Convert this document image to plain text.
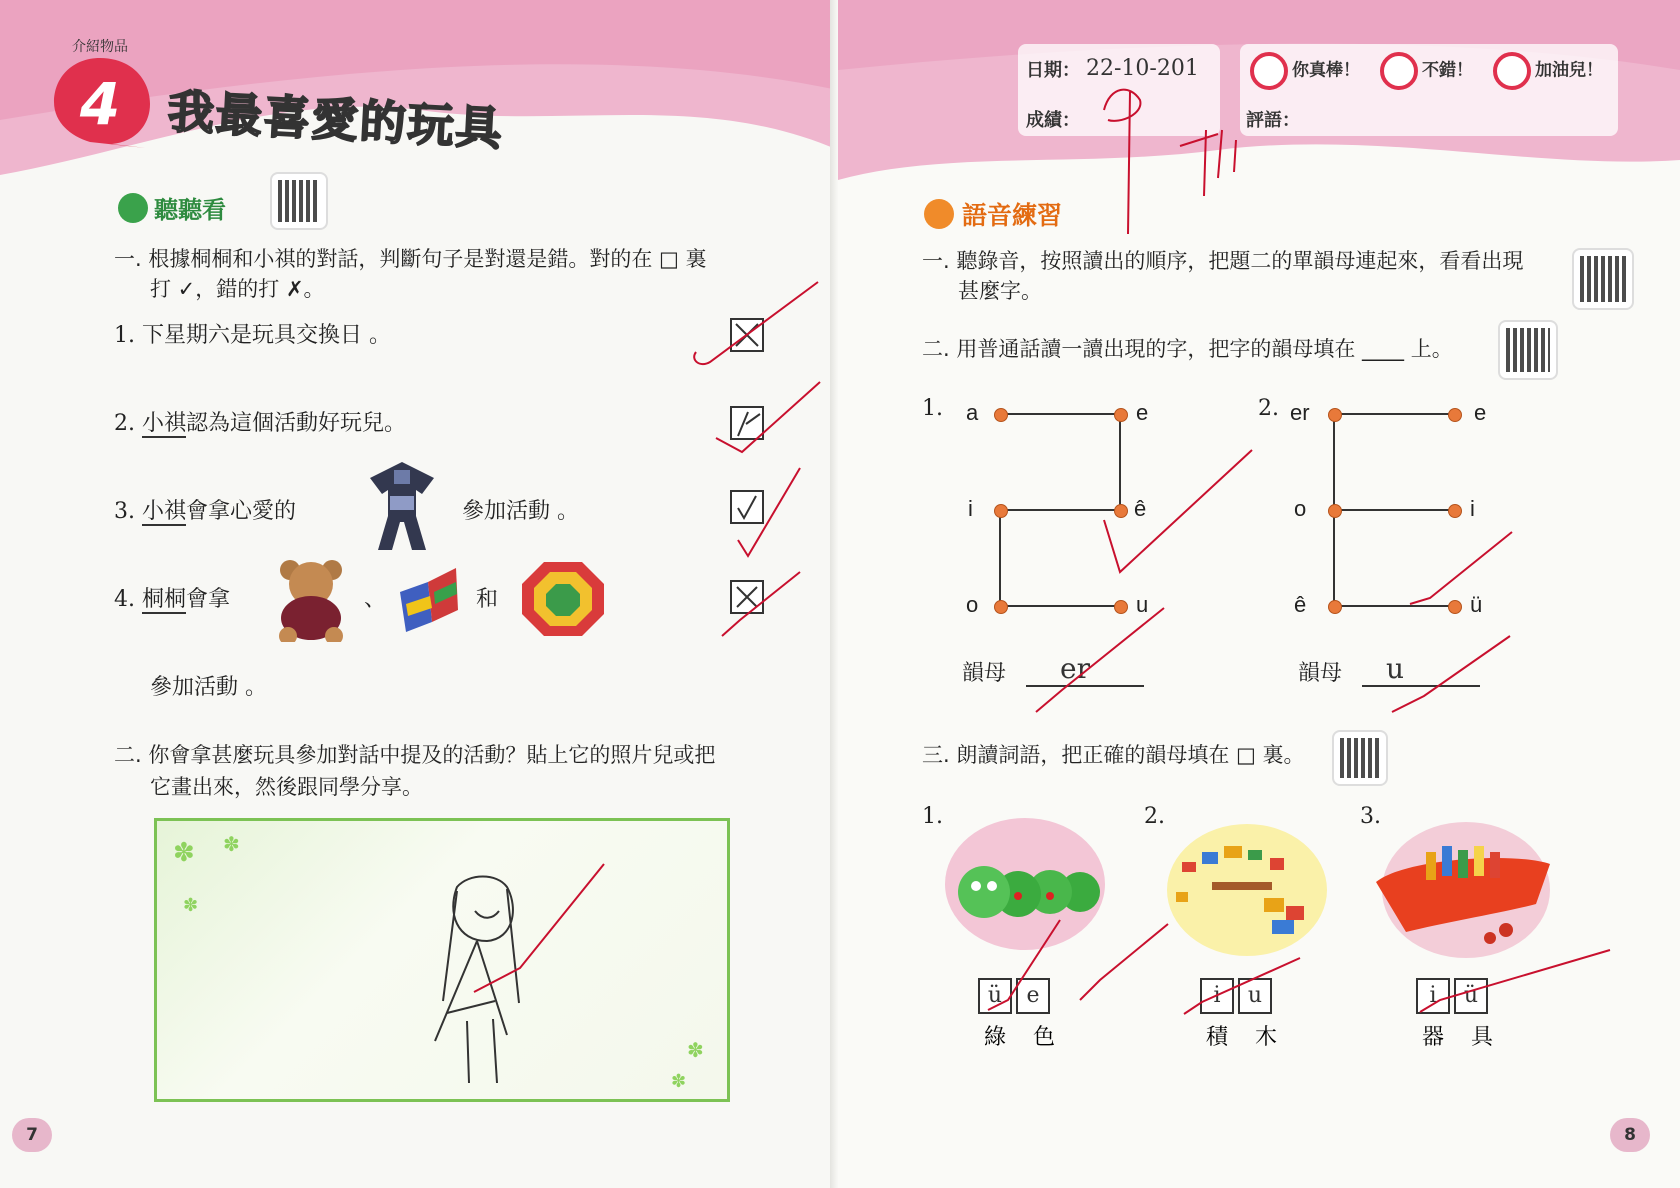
介紹物品
4 我最喜愛的玩具
聽聽看
一. 根據桐桐和小祺的對話，判斷句子是對還是錯。對的在 □ 裏
打 ✓，錯的打 ✗。
1. 下星期六是玩具交換日 。
2. 小祺認為這個活動好玩兒。
3. 小祺會拿心愛的	參加活動 。
4. 桐桐會拿	、	和
參加活動 。
二. 你會拿甚麼玩具參加對話中提及的活動？貼上它的照片兒或把
它畫出來，然後跟同學分享。
✽ ✽
✽
✽
✽
7
日期： 22-10-201
成績：
你真棒！	不錯！	加油兒！
評語：
語音練習
一. 聽錄音，按照讀出的順序，把題二的單韻母連起來，看看出現
甚麼字。
二. 用普通話讀一讀出現的字，把字的韻母填在 ____ 上。
1. a	e
i	ê
o	u
韻母	er
2. er	e
o	i
ê	ü
韻母	u
三. 朗讀詞語，把正確的韻母填在 □ 裏。
1.
ü e
綠 色
2.
i u
積 木
3.
i ü
器 具
8
